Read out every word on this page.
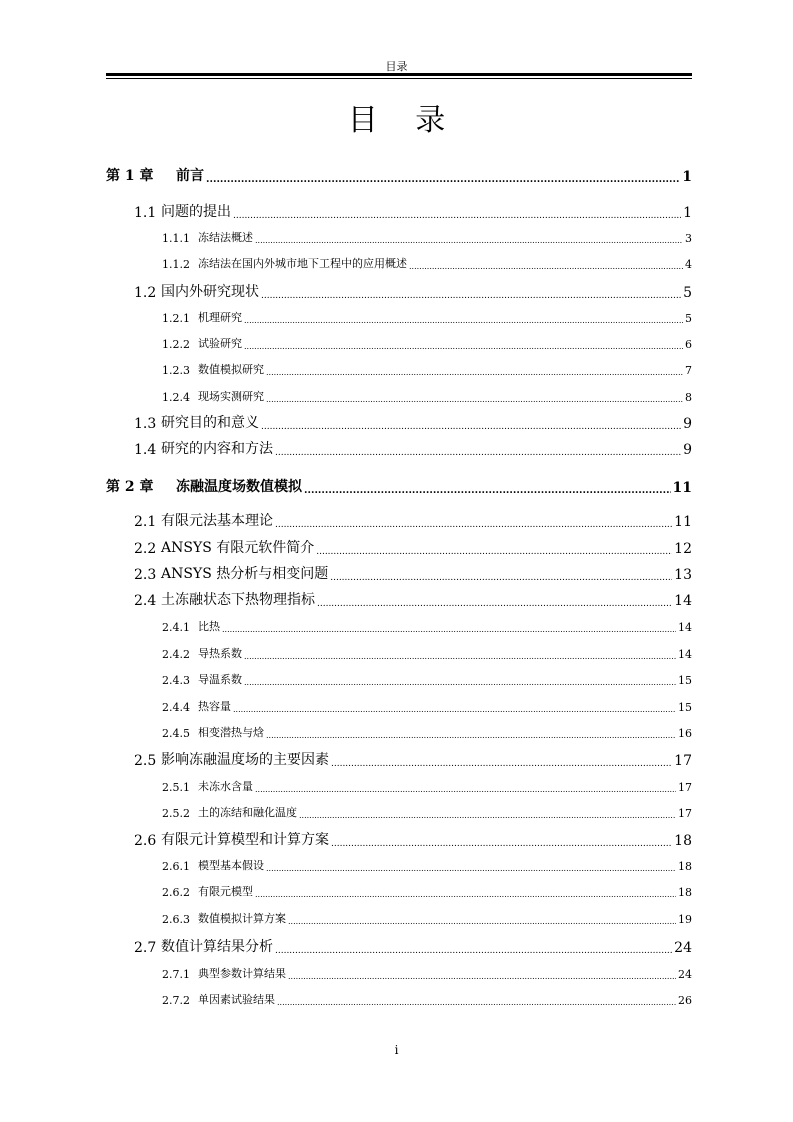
目录
目 录
第 1 章	前言 .....	1
1.1 问题的提出 .....	1
1.1.1 冻结法概述 .....	3
1.1.2 冻结法在国内外城市地下工程中的应用概述 .....	4
1.2 国内外研究现状 .....	5
1.2.1 机理研究 .....	5
1.2.2 试验研究 .....	6
1.2.3 数值模拟研究 .....	7
1.2.4 现场实测研究 .....	8
1.3 研究目的和意义 .....	9
1.4 研究的内容和方法 .....	9
第 2 章	冻融温度场数值模拟 .....	11
2.1 有限元法基本理论 .....	11
2.2 ANSYS 有限元软件简介 .....	12
2.3 ANSYS 热分析与相变问题 .....	13
2.4 土冻融状态下热物理指标 .....	14
2.4.1 比热 .....	14
2.4.2 导热系数 .....	14
2.4.3 导温系数 .....	15
2.4.4 热容量 .....	15
2.4.5 相变潜热与焓 .....	16
2.5 影响冻融温度场的主要因素 .....	17
2.5.1 未冻水含量 .....	17
2.5.2 土的冻结和融化温度 .....	17
2.6 有限元计算模型和计算方案 .....	18
2.6.1 模型基本假设 .....	18
2.6.2 有限元模型 .....	18
2.6.3 数值模拟计算方案 .....	19
2.7 数值计算结果分析 .....	24
2.7.1 典型参数计算结果 .....	24
2.7.2 单因素试验结果 .....	26
i
